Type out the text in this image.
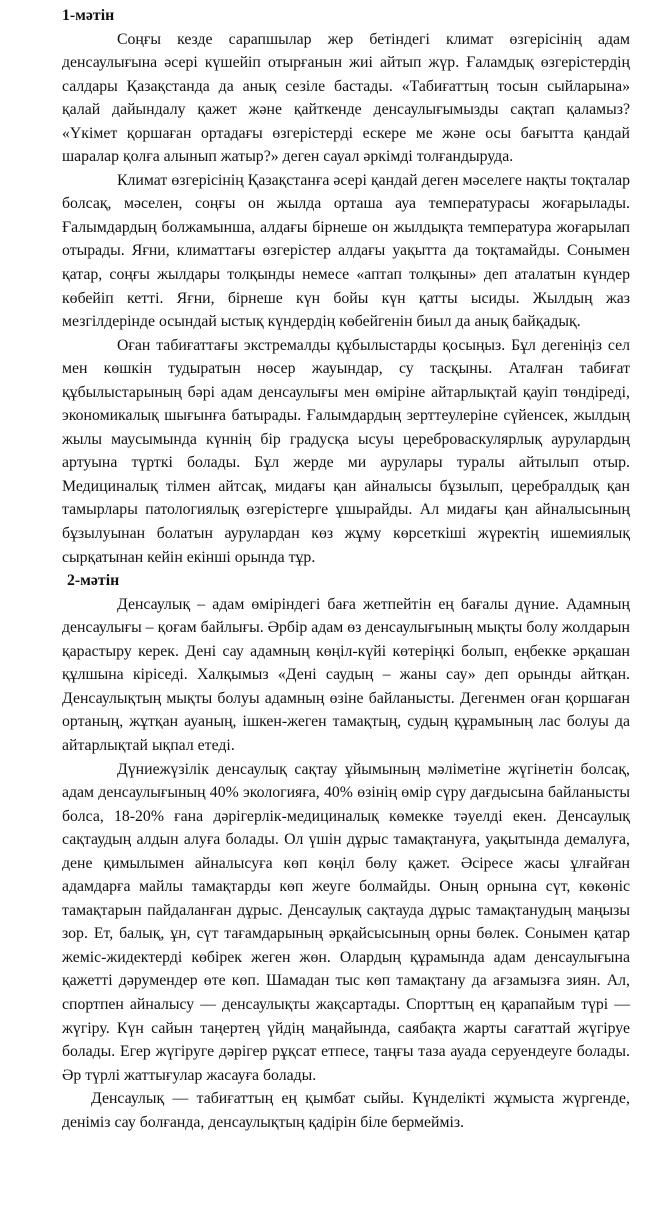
1-мәтін

Соңғы кезде сарапшылар жер бетіндегі климат өзгерісінің адам денсаулығына әсері күшейіп отырғанын жиі айтып жүр. Ғаламдық өзгерістердің салдары Қазақстанда да анық сезіле бастады. «Табиғаттың тосын сыйларына» қалай дайындалу қажет және қайткенде денсаулығымызды сақтап қаламыз? «Үкімет қоршаған ортадағы өзгерістерді ескере ме және осы бағытта қандай шаралар қолға алынып жатыр?» деген сауал әркімді толғандыруда.

Климат өзгерісінің Қазақстанға әсері қандай деген мәселеге нақты тоқталар болсақ, мәселен, соңғы он жылда орташа ауа температурасы жоғарылады. Ғалымдардың болжамынша, алдағы бірнеше он жылдықта температура жоғарылап отырады. Яғни, климаттағы өзгерістер алдағы уақытта да тоқтамайды. Сонымен қатар, соңғы жылдары толқынды немесе «аптап толқыны» деп аталатын күндер көбейіп кетті. Яғни, бірнеше күн бойы күн қатты ысиды. Жылдың жаз мезгілдерінде осындай ыстық күндердің көбейгенін биыл да анық байқадық.

Оған табиғаттағы экстремалды құбылыстарды қосыңыз. Бұл дегеніңіз сел мен көшкін тудыратын нөсер жауындар, су тасқыны. Аталған табиғат құбылыстарының бәрі адам денсаулығы мен өміріне айтарлықтай қауіп төндіреді, экономикалық шығынға батырады. Ғалымдардың зерттеулеріне сүйенсек, жылдың жылы маусымында күннің бір градусқа ысуы цереброваскулярлық аурулардың артуына түрткі болады. Бұл жерде ми аурулары туралы айтылып отыр. Медициналық тілмен айтсақ, мидағы қан айналысы бұзылып, церебралдық қан тамырлары патологиялық өзгерістерге ұшырайды. Ал мидағы қан айналысының бұзылуынан болатын аурулардан көз жұму көрсеткіші жүректің ишемиялық сырқатынан кейін екінші орында тұр.

2-мәтін

Денсаулық – адам өміріндегі баға жетпейтін ең бағалы дүние. Адамның денсаулығы – қоғам байлығы. Әрбір адам өз денсаулығының мықты болу жолдарын қарастыру керек. Дені сау адамның көңіл-күйі көтеріңкі болып, еңбекке әрқашан құлшына кіріседі. Халқымыз «Дені саудың – жаны сау» деп орынды айтқан. Денсаулықтың мықты болуы адамның өзіне байланысты. Дегенмен оған қоршаған ортаның, жұтқан ауаның, ішкен-жеген тамақтың, судың құрамының лас болуы да айтарлықтай ықпал етеді.

Дүниежүзілік денсаулық сақтау ұйымының мәліметіне жүгінетін болсақ, адам денсаулығының 40% экологияға, 40% өзінің өмір сүру дағдысына байланысты болса, 18-20% ғана дәрігерлік-медициналық көмекке тәуелді екен. Денсаулық сақтаудың алдын алуға болады. Ол үшін дұрыс тамақтануға, уақытында демалуға, дене қимылымен айналысуға көп көңіл бөлу қажет. Әсіресе жасы ұлғайған адамдарға майлы тамақтарды көп жеуге болмайды. Оның орнына сүт, көкөніс тамақтарын пайдаланған дұрыс. Денсаулық сақтауда дұрыс тамақтанудың маңызы зор. Ет, балық, ұн, сүт тағамдарының әрқайсысының орны бөлек. Сонымен қатар жеміс-жидектерді көбірек жеген жөн. Олардың құрамында адам денсаулығына қажетті дәрумендер өте көп. Шамадан тыс көп тамақтану да ағзамызға зиян. Ал, спортпен айналысу — денсаулықты жақсартады. Спорттың ең қарапайым түрі — жүгіру. Күн сайын таңертең үйдің маңайында, саябақта жарты сағаттай жүгіруе болады. Егер жүгіруге дәрігер рұқсат етпесе, таңғы таза ауада серуендеуге болады. Әр түрлі жаттығулар жасауға болады.

Денсаулық — табиғаттың ең қымбат сыйы. Күнделікті жұмыста жүргенде, деніміз сау болғанда, денсаулықтың қадірін біле бермейміз.
